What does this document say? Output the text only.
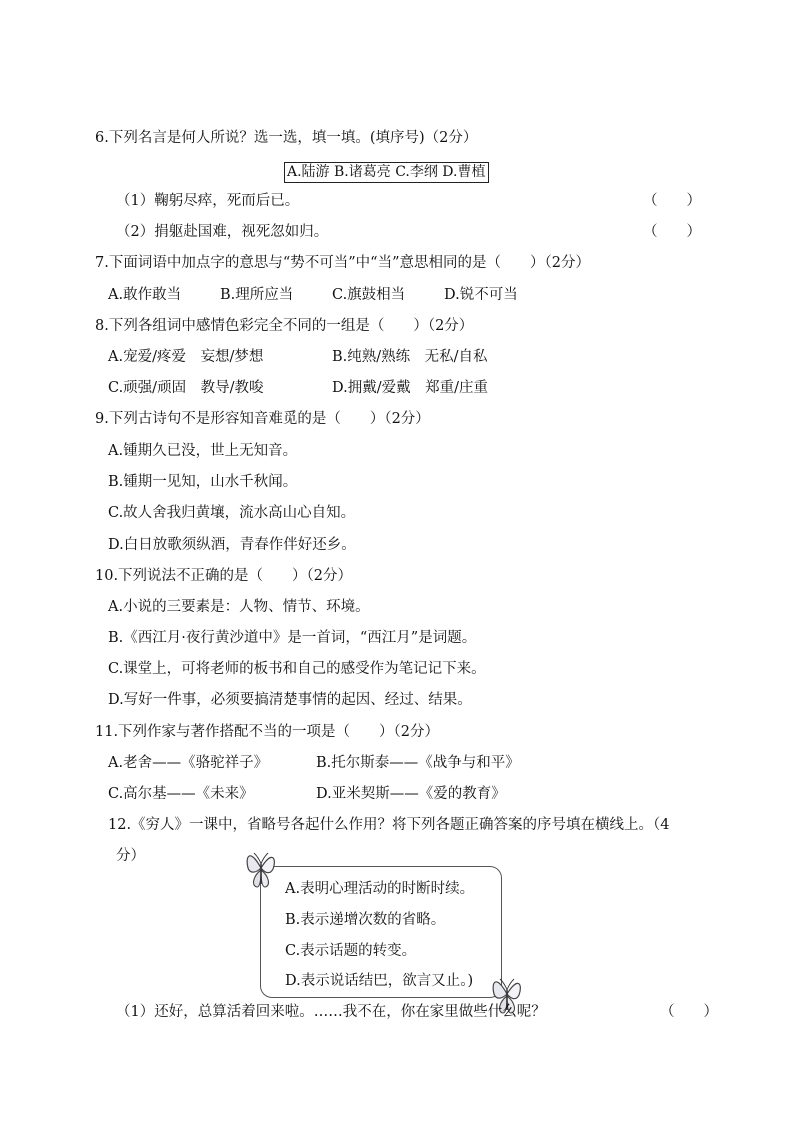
6.下列名言是何人所说？选一选，填一填。(填序号)（2分）
A.陆游 B.诸葛亮 C.李纲 D.曹植
（1）鞠躬尽瘁，死而后已。	（　　）
（2）捐躯赴国难，视死忽如归。	（　　）
7.下面词语中加点字的意思与“势不可当”中“当”意思相同的是（　　）（2分）
A.敢作敢当	B.理所应当	C.旗鼓相当	D.锐不可当
8.下列各组词中感情色彩完全不同的一组是（　　）（2分）
A.宠爱/疼爱　妄想/梦想	B.纯熟/熟练　无私/自私
C.顽强/顽固　教导/教唆	D.拥戴/爱戴　郑重/庄重
9.下列古诗句不是形容知音难觅的是（　　）（2分）
A.锺期久已没，世上无知音。
B.锺期一见知，山水千秋闻。
C.故人舍我归黄壤，流水高山心自知。
D.白日放歌须纵酒，青春作伴好还乡。
10.下列说法不正确的是（　　）（2分）
A.小说的三要素是：人物、情节、环境。
B.《西江月·夜行黄沙道中》是一首词，“西江月”是词题。
C.课堂上，可将老师的板书和自己的感受作为笔记记下来。
D.写好一件事，必须要搞清楚事情的起因、经过、结果。
11.下列作家与著作搭配不当的一项是（　　）（2分）
A.老舍——《骆驼祥子》	B.托尔斯泰——《战争与和平》
C.高尔基——《未来》	D.亚米契斯——《爱的教育》
12.《穷人》一课中，省略号各起什么作用？将下列各题正确答案的序号填在横线上。（4
分）
A.表明心理活动的时断时续。
B.表示递增次数的省略。
C.表示话题的转变。
D.表示说话结巴，欲言又止。)
（1）还好，总算活着回来啦。……我不在，你在家里做些什么呢？	（　　）
